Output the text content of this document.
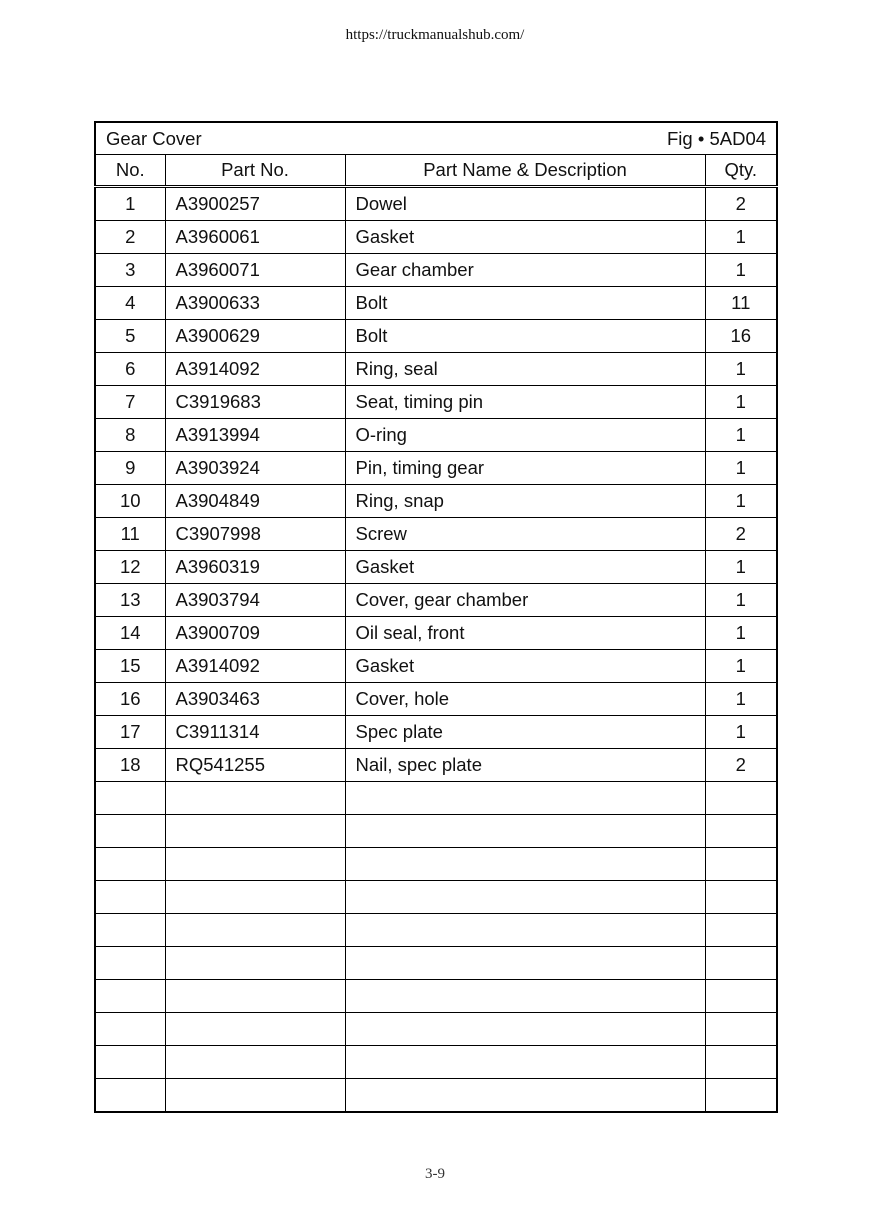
https://truckmanualshub.com/
Gear Cover Fig • 5AD04			

No.	Part No.	Part Name & Description	Qty.
1	A3900257	Dowel	2
2	A3960061	Gasket	1
3	A3960071	Gear chamber	1
4	A3900633	Bolt	11
5	A3900629	Bolt	16
6	A3914092	Ring, seal	1
7	C3919683	Seat, timing pin	1
8	A3913994	O-ring	1
9	A3903924	Pin, timing gear	1
10	A3904849	Ring, snap	1
11	C3907998	Screw	2
12	A3960319	Gasket	1
13	A3903794	Cover, gear chamber	1
14	A3900709	Oil seal, front	1
15	A3914092	Gasket	1
16	A3903463	Cover, hole	1
17	C3911314	Spec plate	1
18	RQ541255	Nail, spec plate	2

3-9
